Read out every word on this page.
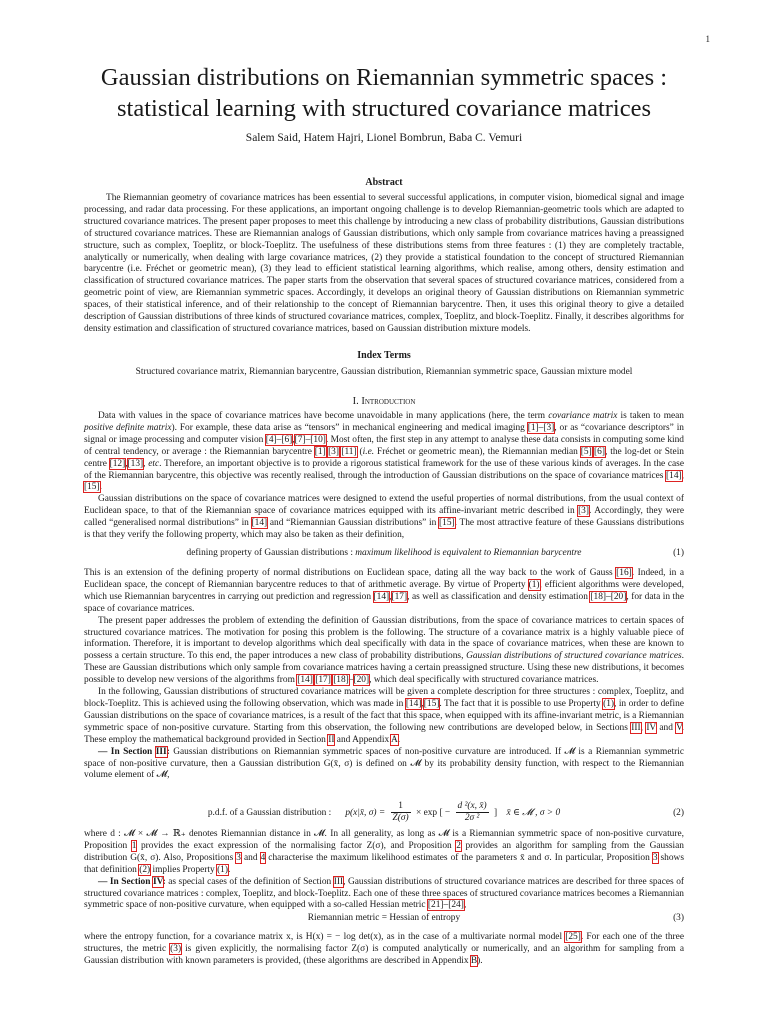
1
Gaussian distributions on Riemannian symmetric spaces :
statistical learning with structured covariance matrices
Salem Said, Hatem Hajri, Lionel Bombrun, Baba C. Vemuri
Abstract
The Riemannian geometry of covariance matrices has been essential to several successful applications, in computer vision, biomedical signal and image processing, and radar data processing. For these applications, an important ongoing challenge is to develop Riemannian-geometric tools which are adapted to structured covariance matrices. The present paper proposes to meet this challenge by introducing a new class of probability distributions, Gaussian distributions of structured covariance matrices. These are Riemannian analogs of Gaussian distributions, which only sample from covariance matrices having a preassigned structure, such as complex, Toeplitz, or block-Toeplitz. The usefulness of these distributions stems from three features : (1) they are completely tractable, analytically or numerically, when dealing with large covariance matrices, (2) they provide a statistical foundation to the concept of structured Riemannian barycentre (i.e. Fréchet or geometric mean), (3) they lead to efficient statistical learning algorithms, which realise, among others, density estimation and classification of structured covariance matrices. The paper starts from the observation that several spaces of structured covariance matrices, considered from a geometric point of view, are Riemannian symmetric spaces. Accordingly, it develops an original theory of Gaussian distributions on Riemannian symmetric spaces, of their statistical inference, and of their relationship to the concept of Riemannian barycentre. Then, it uses this original theory to give a detailed description of Gaussian distributions of three kinds of structured covariance matrices, complex, Toeplitz, and block-Toeplitz. Finally, it describes algorithms for density estimation and classification of structured covariance matrices, based on Gaussian distribution mixture models.
Index Terms
Structured covariance matrix, Riemannian barycentre, Gaussian distribution, Riemannian symmetric space, Gaussian mixture model
I. Introduction

Data with values in the space of covariance matrices have become unavoidable in many applications (here, the term covariance matrix is taken to mean positive definite matrix). For example, these data arise as “tensors” in mechanical engineering and medical imaging [1]–[3], or as “covariance descriptors” in signal or image processing and computer vision [4]–[6],[7]–[10]. Most often, the first step in any attempt to analyse these data consists in computing some kind of central tendency, or average : the Riemannian barycentre [1],[3],[11] (i.e. Fréchet or geometric mean), the Riemannian median [5],[6], the log-det or Stein centre [12],[13], etc. Therefore, an important objective is to provide a rigorous statistical framework for the use of these various kinds of averages. In the case of the Riemannian barycentre, this objective was recently realised, through the introduction of Gaussian distributions on the space of covariance matrices [14],[15].

Gaussian distributions on the space of covariance matrices were designed to extend the useful properties of normal distributions, from the usual context of Euclidean space, to that of the Riemannian space of covariance matrices equipped with its affine-invariant metric described in [3]. Accordingly, they were called “generalised normal distributions” in [14] and “Riemannian Gaussian distributions” in [15]. The most attractive feature of these Gaussians distributions is that they verify the following property, which may also be taken as their definition,

defining property of Gaussian distributions : maximum likelihood is equivalent to Riemannian barycentre	(1)

This is an extension of the defining property of normal distributions on Euclidean space, dating all the way back to the work of Gauss [16]. Indeed, in a Euclidean space, the concept of Riemannian barycentre reduces to that of arithmetic average. By virtue of Property (1), efficient algorithms were developed, which use Riemannian barycentres in carrying out prediction and regression [14],[17], as well as classification and density estimation [18]–[20], for data in the space of covariance matrices.

The present paper addresses the problem of extending the definition of Gaussian distributions, from the space of covariance matrices to certain spaces of structured covariance matrices. The motivation for posing this problem is the following. The structure of a covariance matrix is a highly valuable piece of information. Therefore, it is important to develop algorithms which deal specifically with data in the space of covariance matrices, when these are known to possess a certain structure. To this end, the paper introduces a new class of probability distributions, Gaussian distributions of structured covariance matrices. These are Gaussian distributions which only sample from covariance matrices having a certain preassigned structure. Using these new distributions, it becomes possible to develop new versions of the algorithms from [14],[17],[18]–[20], which deal specifically with structured covariance matrices.

In the following, Gaussian distributions of structured covariance matrices will be given a complete description for three structures : complex, Toeplitz, and block-Toeplitz. This is achieved using the following observation, which was made in [14],[15]. The fact that it is possible to use Property (1), in order to define Gaussian distributions on the space of covariance matrices, is a result of the fact that this space, when equipped with its affine-invariant metric, is a Riemannian symmetric space of non-positive curvature. Starting from this observation, the following new contributions are developed below, in Sections III, IV and V. These employ the mathematical background provided in Section II and Appendix A.

— In Section III: Gaussian distributions on Riemannian symmetric spaces of non-positive curvature are introduced. If 𝓜 is a Riemannian symmetric space of non-positive curvature, then a Gaussian distribution G(x̄, σ) is defined on 𝓜 by its probability density function, with respect to the Riemannian volume element of 𝓜,

p.d.f. of a Gaussian distribution : p(x|x̄, $\sigma) = \frac{1}{Z(\sigma)} \times \exp$ [ − $\frac{\text{d ²(x, x̄)}}{\text{2σ ²}}$ ] x̄ ∈ 𝓜 , σ > 0	(2)

where d : 𝓜 × 𝓜 → ℝ₊ denotes Riemannian distance in 𝓜. In all generality, as long as 𝓜 is a Riemannian symmetric space of non-positive curvature, Proposition 1 provides the exact expression of the normalising factor Z(σ), and Proposition 2 provides an algorithm for sampling from the Gaussian distribution G(x̄, σ). Also, Propositions 3 and 4 characterise the maximum likelihood estimates of the parameters x̄ and σ. In particular, Proposition 3 shows that definition (2) implies Property (1).

— In Section IV: as special cases of the definition of Section III, Gaussian distributions of structured covariance matrices are described for three spaces of structured covariance matrices : complex, Toeplitz, and block-Toeplitz. Each one of these three spaces of structured covariance matrices becomes a Riemannian symmetric space of non-positive curvature, when equipped with a so-called Hessian metric [21]–[24],

Riemannian metric = Hessian of entropy	(3)

where the entropy function, for a covariance matrix x, is H(x) = − log det(x), as in the case of a multivariate normal model [25]. For each one of the three structures, the metric (3) is given explicitly, the normalising factor Z(σ) is computed analytically or numerically, and an algorithm for sampling from a Gaussian distribution with known parameters is provided, (these algorithms are described in Appendix B).
